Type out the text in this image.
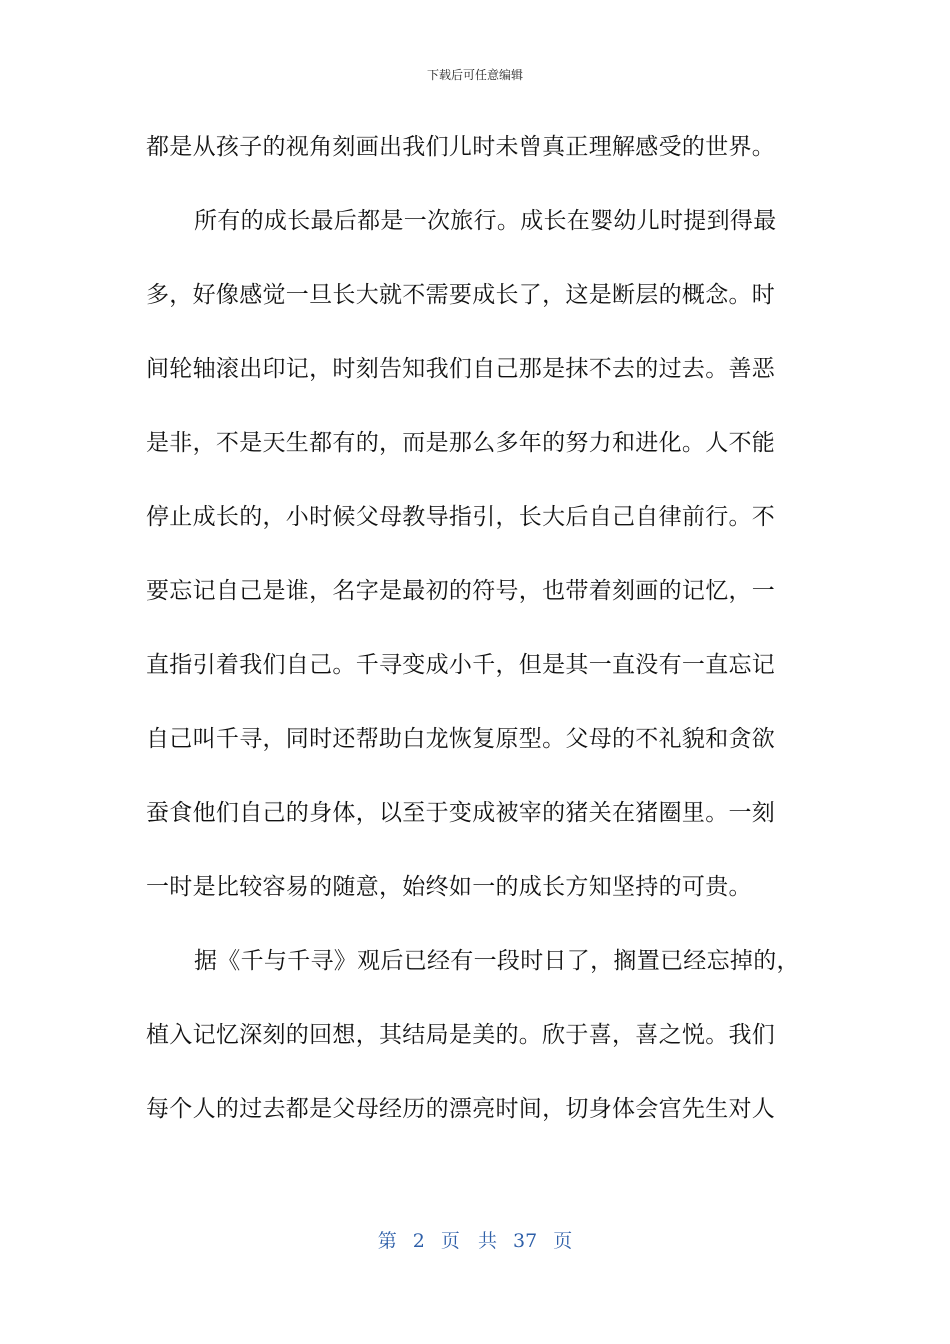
下载后可任意编辑
都是从孩子的视角刻画出我们儿时未曾真正理解感受的世界。
所有的成长最后都是一次旅行。成长在婴幼儿时提到得最
多，好像感觉一旦长大就不需要成长了，这是断层的概念。时
间轮轴滚出印记，时刻告知我们自己那是抹不去的过去。善恶
是非，不是天生都有的，而是那么多年的努力和进化。人不能
停止成长的，小时候父母教导指引，长大后自己自律前行。不
要忘记自己是谁，名字是最初的符号，也带着刻画的记忆，一
直指引着我们自己。千寻变成小千，但是其一直没有一直忘记
自己叫千寻，同时还帮助白龙恢复原型。父母的不礼貌和贪欲
蚕食他们自己的身体，以至于变成被宰的猪关在猪圈里。一刻
一时是比较容易的随意，始终如一的成长方知坚持的可贵。
据《千与千寻》观后已经有一段时日了，搁置已经忘掉的，
植入记忆深刻的回想，其结局是美的。欣于喜，喜之悦。我们
每个人的过去都是父母经历的漂亮时间，切身体会宫先生对人
第 2 页 共 37 页
